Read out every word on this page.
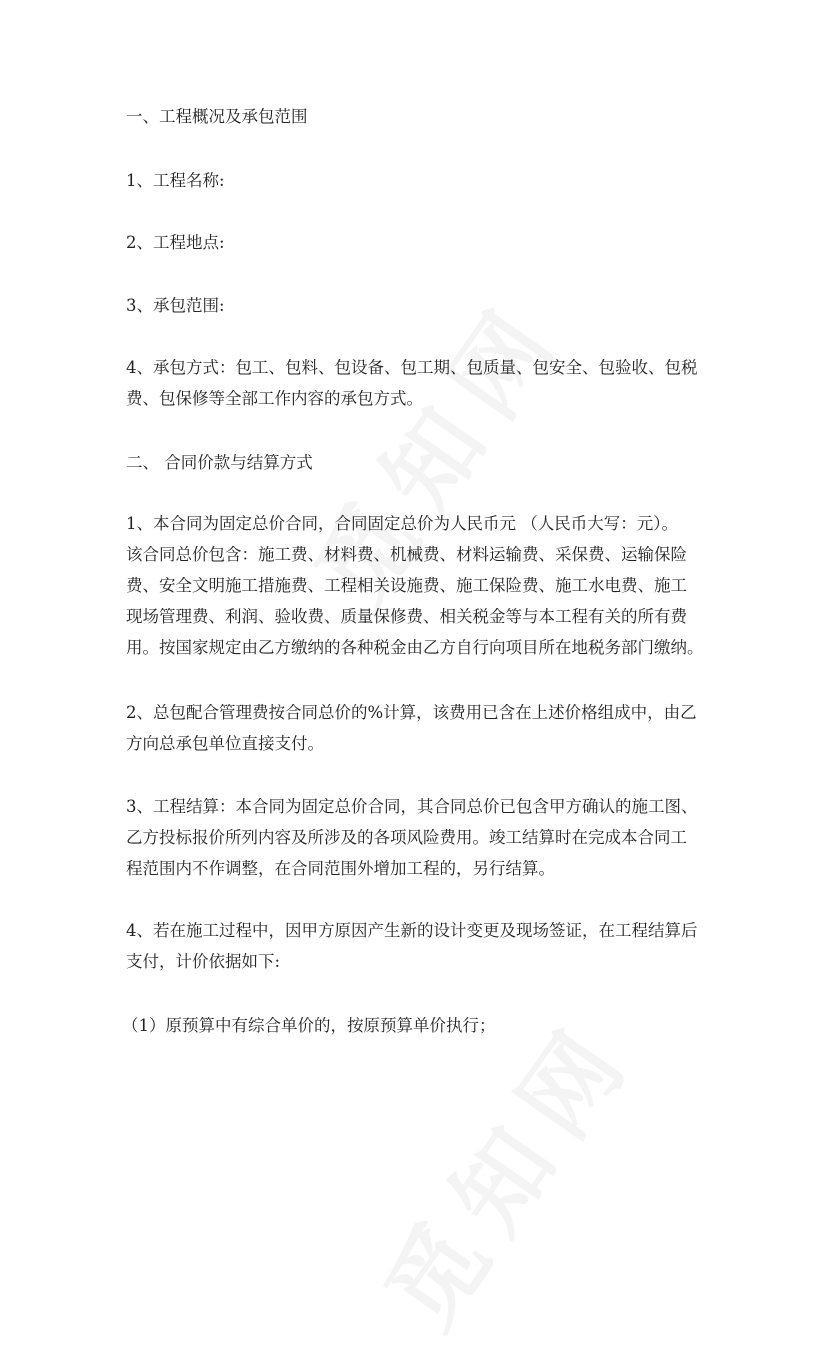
一、工程概况及承包范围

1、工程名称:

2、工程地点:

3、承包范围:

4、承包方式：包工、包料、包设备、包工期、包质量、包安全、包验收、包税
费、包保修等全部工作内容的承包方式。

二、 合同价款与结算方式

1、本合同为固定总价合同，合同固定总价为人民币元 （人民币大写：元）。
该合同总价包含：施工费、材料费、机械费、材料运输费、采保费、运输保险
费、安全文明施工措施费、工程相关设施费、施工保险费、施工水电费、施工
现场管理费、利润、验收费、质量保修费、相关税金等与本工程有关的所有费
用。按国家规定由乙方缴纳的各种税金由乙方自行向项目所在地税务部门缴纳。

2、总包配合管理费按合同总价的%计算，该费用已含在上述价格组成中，由乙
方向总承包单位直接支付。

3、工程结算：本合同为固定总价合同，其合同总价已包含甲方确认的施工图、
乙方投标报价所列内容及所涉及的各项风险费用。竣工结算时在完成本合同工
程范围内不作调整，在合同范围外增加工程的，另行结算。

4、若在施工过程中，因甲方原因产生新的设计变更及现场签证，在工程结算后
支付，计价依据如下:

（1）原预算中有综合单价的，按原预算单价执行；
